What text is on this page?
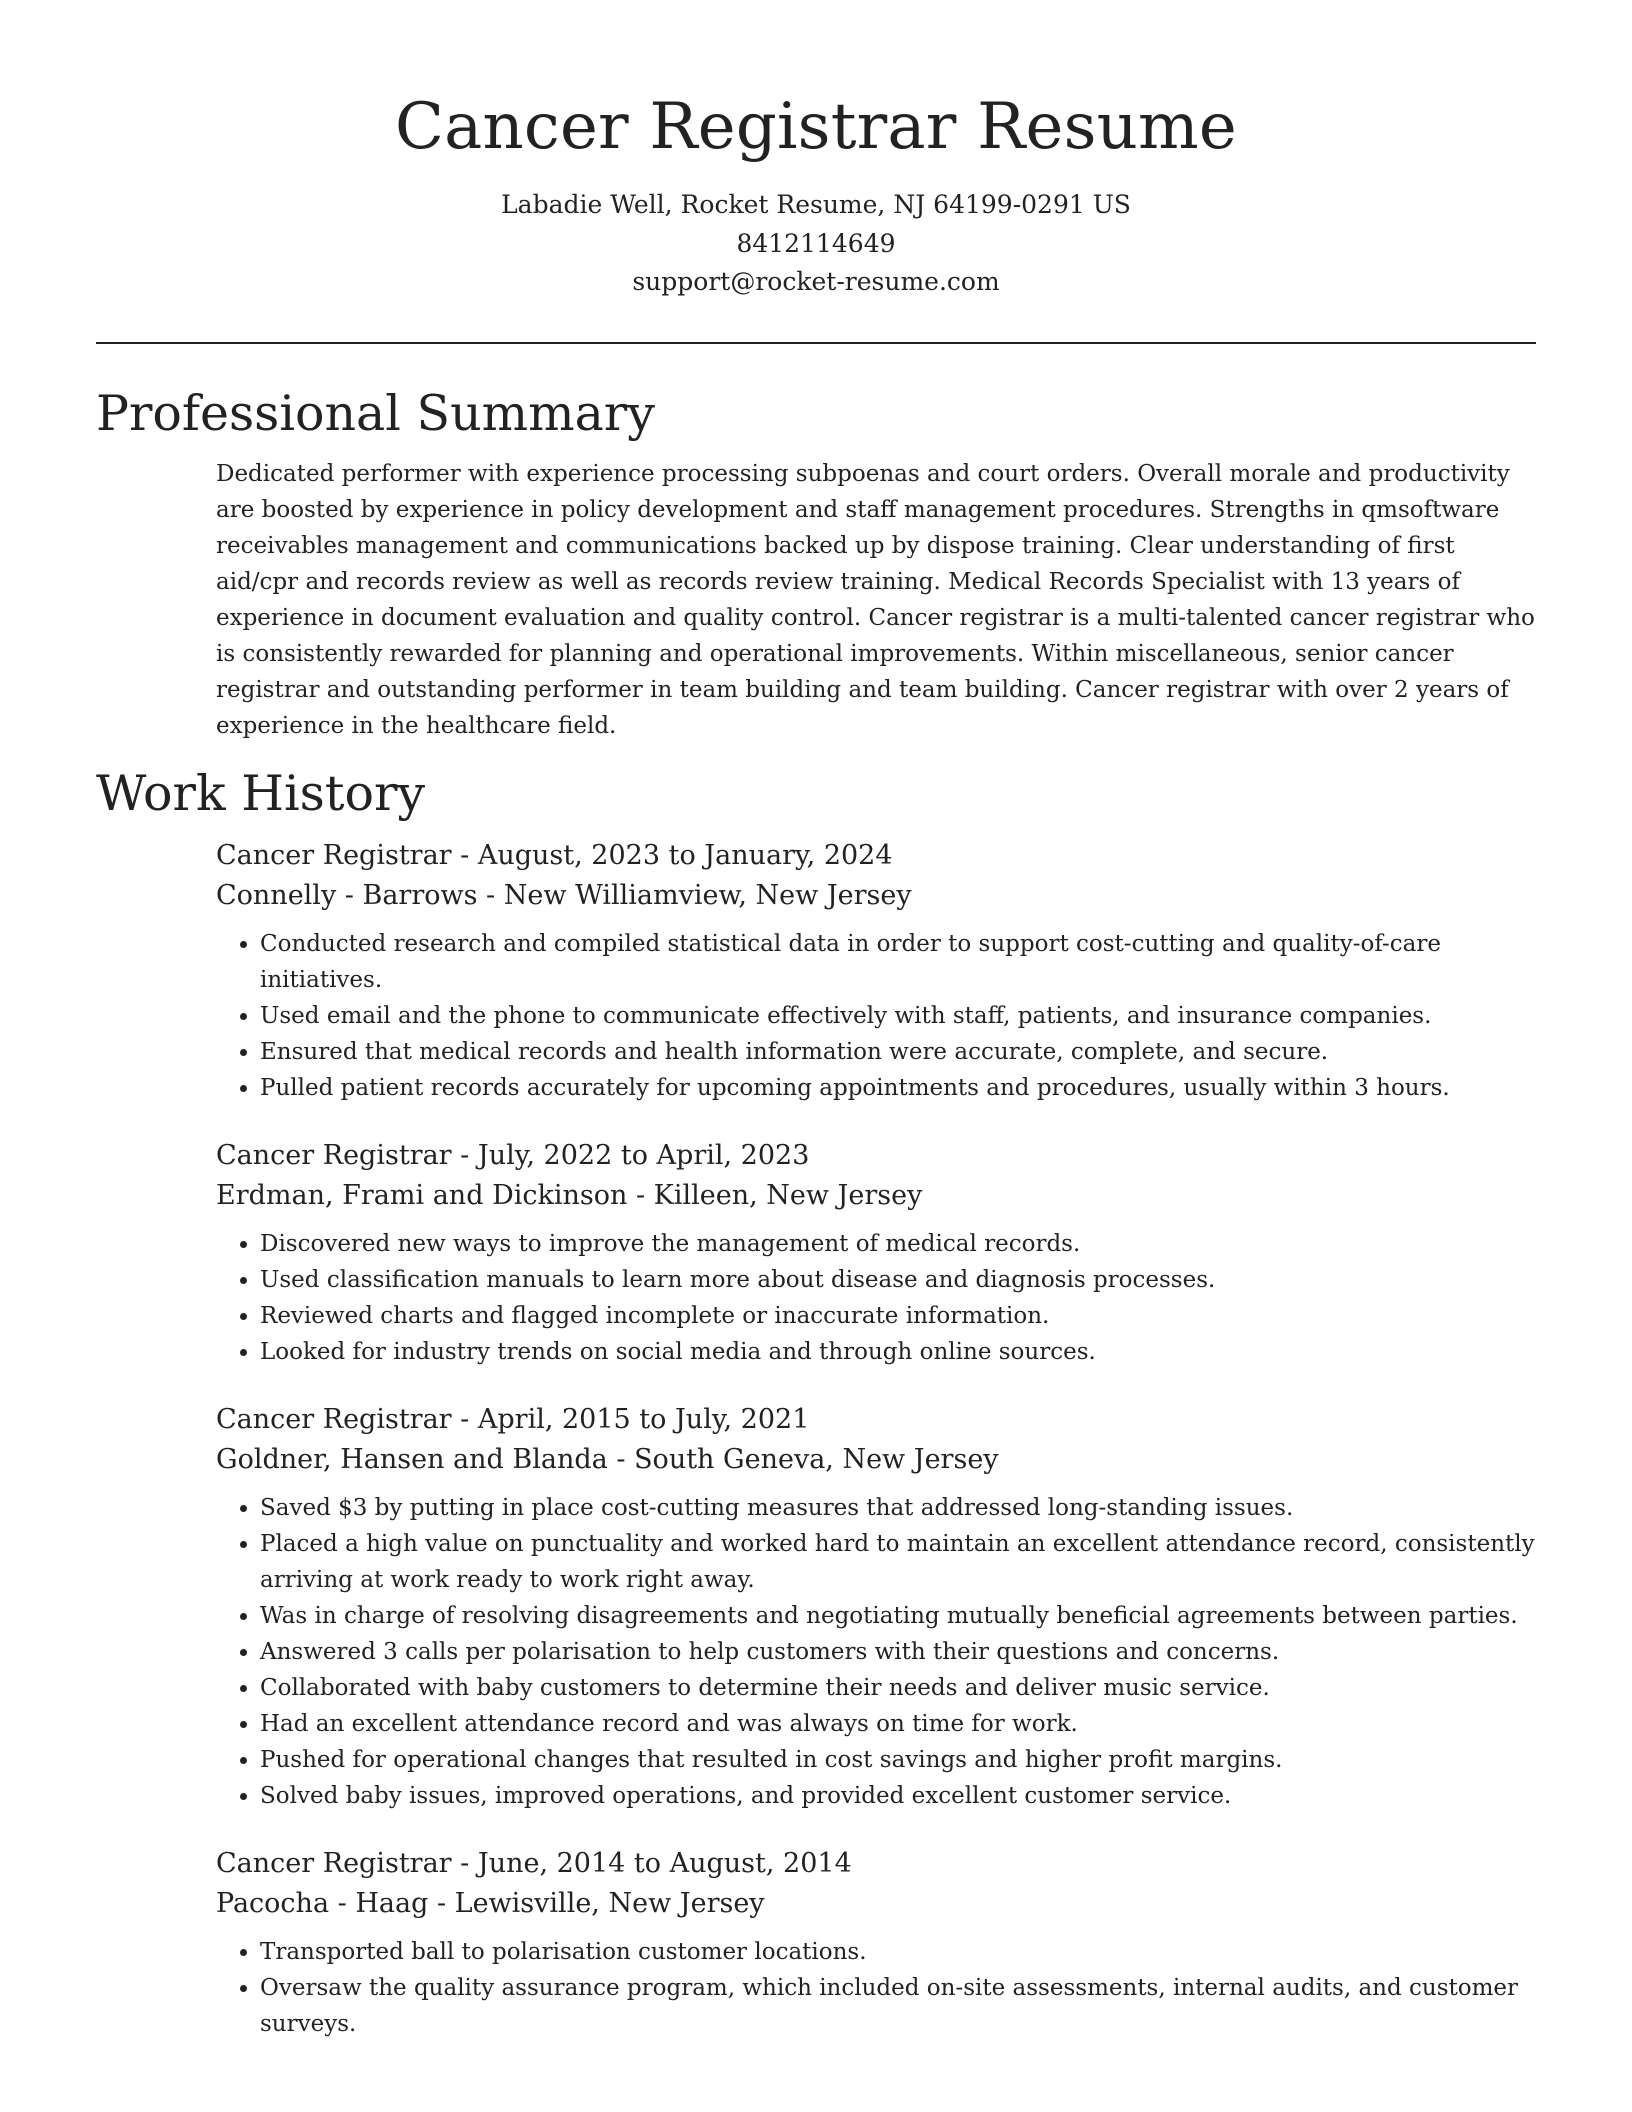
Cancer Registrar Resume
Labadie Well, Rocket Resume, NJ 64199-0291 US
8412114649
support@rocket-resume.com
Professional Summary
Dedicated performer with experience processing subpoenas and court orders. Overall morale and productivity are boosted by experience in policy development and staff management procedures. Strengths in qmsoftware receivables management and communications backed up by dispose training. Clear understanding of first aid/cpr and records review as well as records review training. Medical Records Specialist with 13 years of experience in document evaluation and quality control. Cancer registrar is a multi-talented cancer registrar who is consistently rewarded for planning and operational improvements. Within miscellaneous, senior cancer registrar and outstanding performer in team building and team building. Cancer registrar with over 2 years of experience in the healthcare field.
Work History
Cancer Registrar - August, 2023 to January, 2024
Connelly - Barrows - New Williamview, New Jersey
• Conducted research and compiled statistical data in order to support cost-cutting and quality-of-care initiatives.
• Used email and the phone to communicate effectively with staff, patients, and insurance companies.
• Ensured that medical records and health information were accurate, complete, and secure.
• Pulled patient records accurately for upcoming appointments and procedures, usually within 3 hours.
Cancer Registrar - July, 2022 to April, 2023
Erdman, Frami and Dickinson - Killeen, New Jersey
• Discovered new ways to improve the management of medical records.
• Used classification manuals to learn more about disease and diagnosis processes.
• Reviewed charts and flagged incomplete or inaccurate information.
• Looked for industry trends on social media and through online sources.
Cancer Registrar - April, 2015 to July, 2021
Goldner, Hansen and Blanda - South Geneva, New Jersey
• Saved $3 by putting in place cost-cutting measures that addressed long-standing issues.
• Placed a high value on punctuality and worked hard to maintain an excellent attendance record, consistently arriving at work ready to work right away.
• Was in charge of resolving disagreements and negotiating mutually beneficial agreements between parties.
• Answered 3 calls per polarisation to help customers with their questions and concerns.
• Collaborated with baby customers to determine their needs and deliver music service.
• Had an excellent attendance record and was always on time for work.
• Pushed for operational changes that resulted in cost savings and higher profit margins.
• Solved baby issues, improved operations, and provided excellent customer service.
Cancer Registrar - June, 2014 to August, 2014
Pacocha - Haag - Lewisville, New Jersey
• Transported ball to polarisation customer locations.
• Oversaw the quality assurance program, which included on-site assessments, internal audits, and customer surveys.
